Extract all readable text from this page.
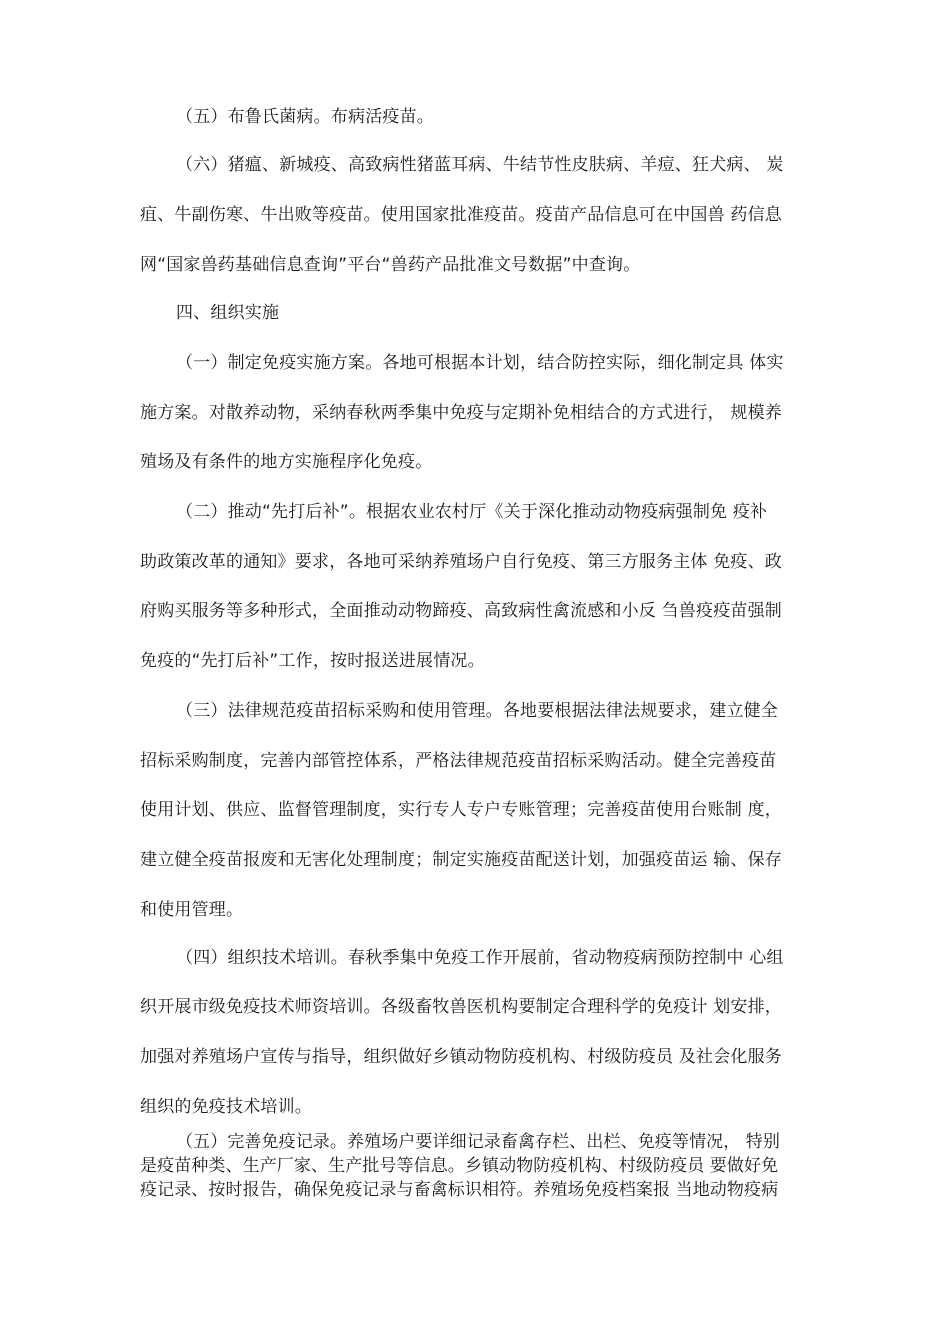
（五）布鲁氏菌病。布病活疫苗。
（六）猪瘟、新城疫、高致病性猪蓝耳病、牛结节性皮肤病、羊痘、狂犬病、 炭
疽、牛副伤寒、牛出败等疫苗。使用国家批准疫苗。疫苗产品信息可在中国兽 药信息
网“国家兽药基础信息查询”平台“兽药产品批准文号数据”中查询。
四、组织实施
（一）制定免疫实施方案。各地可根据本计划，结合防控实际，细化制定具 体实
施方案。对散养动物，采纳春秋两季集中免疫与定期补免相结合的方式进行， 规模养
殖场及有条件的地方实施程序化免疫。
（二）推动“先打后补”。根据农业农村厅《关于深化推动动物疫病强制免 疫补
助政策改革的通知》要求，各地可采纳养殖场户自行免疫、第三方服务主体 免疫、政
府购买服务等多种形式，全面推动动物蹄疫、高致病性禽流感和小反 刍兽疫疫苗强制
免疫的“先打后补”工作，按时报送进展情况。
（三）法律规范疫苗招标采购和使用管理。各地要根据法律法规要求，建立健全
招标采购制度，完善内部管控体系，严格法律规范疫苗招标采购活动。健全完善疫苗
使用计划、供应、监督管理制度，实行专人专户专账管理；完善疫苗使用台账制 度，
建立健全疫苗报废和无害化处理制度；制定实施疫苗配送计划，加强疫苗运 输、保存
和使用管理。
（四）组织技术培训。春秋季集中免疫工作开展前，省动物疫病预防控制中 心组
织开展市级免疫技术师资培训。各级畜牧兽医机构要制定合理科学的免疫计 划安排，
加强对养殖场户宣传与指导，组织做好乡镇动物防疫机构、村级防疫员 及社会化服务
组织的免疫技术培训。
（五）完善免疫记录。养殖场户要详细记录畜禽存栏、出栏、免疫等情况， 特别
是疫苗种类、生产厂家、生产批号等信息。乡镇动物防疫机构、村级防疫员 要做好免
疫记录、按时报告，确保免疫记录与畜禽标识相符。养殖场免疫档案报 当地动物疫病
